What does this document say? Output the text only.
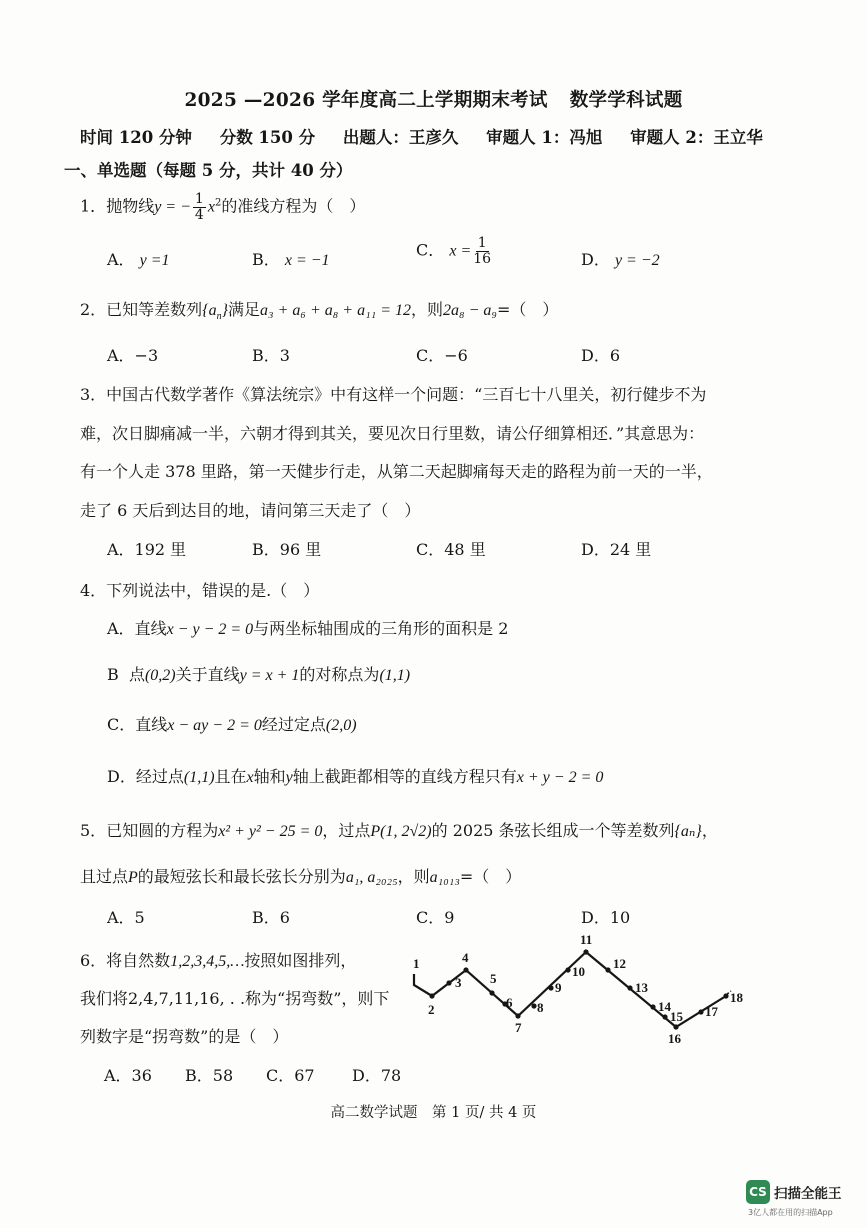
2025 —2026 学年度高二上学期期末考试 数学学科试题
时间 120 分钟 分数 150 分 出题人：王彦久 审题人 1：冯旭 审题人 2：王立华
一、单选题（每题 5 分，共计 40 分）
1．抛物线y = − $\frac{1}{4} x^2$的准线方程为（　）
A． y =1	B． x = −1
C． $x = \frac{1}{16}$	D． y = −2
2．已知等差数列$\{a_n\}$满足a₃ + a₆ + a₈ + a₁₁ = 12，则2a₈ − a₉=（　）
A．−3	B．3	C．−6	D．6
3．中国古代数学著作《算法统宗》中有这样一个问题：“三百七十八里关，初行健步不为
难，次日脚痛减一半，六朝才得到其关，要见次日行里数，请公仔细算相还．”其意思为：
有一个人走 378 里路，第一天健步行走，从第二天起脚痛每天走的路程为前一天的一半，
走了 6 天后到达目的地，请问第三天走了（　）
A．192 里	B．96 里	C．48 里	D．24 里
4．下列说法中，错误的是.（　）
A．直线x − y − 2 = 0与两坐标轴围成的三角形的面积是 2
B 点(0,2)关于直线y = x + 1的对称点为(1,1)
C．直线x − ay − 2 = 0经过定点(2,0)
D．经过点(1,1)且在x轴和y轴上截距都相等的直线方程只有x + y − 2 = 0
5．已知圆的方程为x² + y² − 25 = 0，过点P(1, 2√2)的 2025 条弦长组成一个等差数列{aₙ}，
且过点P的最短弦长和最长弦长分别为a₁, a₂₀₂₅，则a₁₀₁₃=（　）
A．5	B．6	C．9	D．10
6．将自然数1,2,3,4,5,…按照如图排列，
我们将2,4,7,11,16, . .称为“拐弯数”，则下
列数字是“拐弯数”的是（　）
A．36 B．58 C．67 D．78
1
2
3
4
5
6
7
8
9
10
11
12
13
14
15
16
17
18
高二数学试题　第 1 页/ 共 4 页
CS 扫描全能王
3亿人都在用的扫描App
